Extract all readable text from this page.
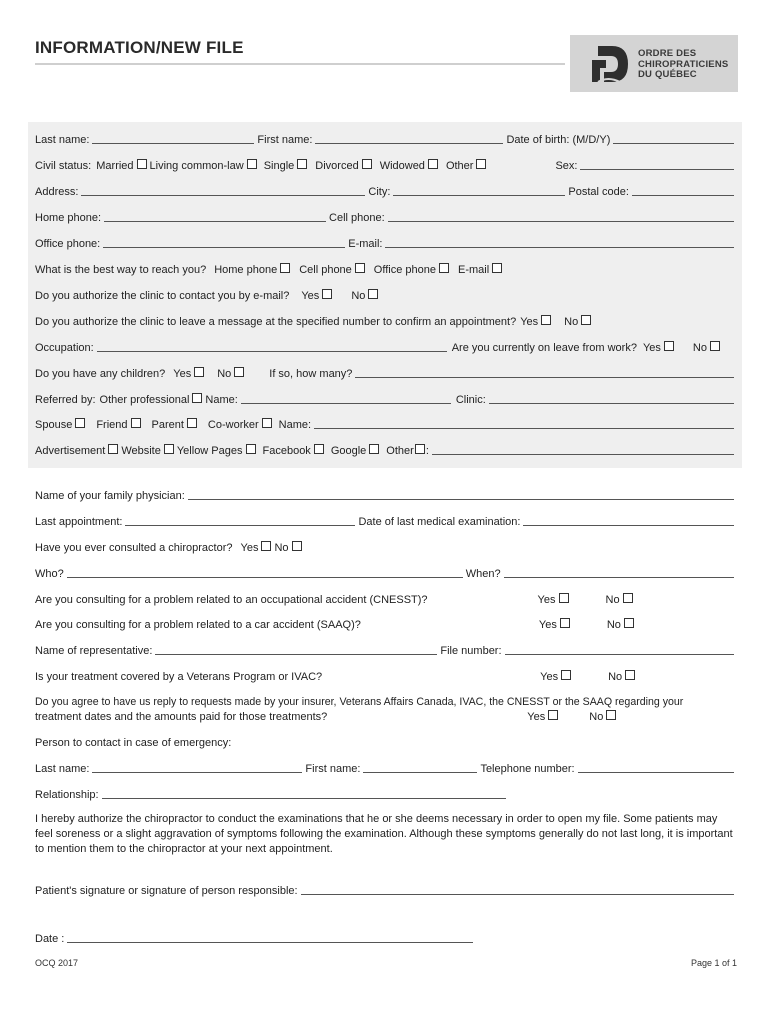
INFORMATION/NEW FILE	ORDRE DES
CHIROPRATICIENS
DU QUÉBEC
Last name:	First name:	Date of birth: (M/D/Y)
Civil status: Married Living common-law Single Divorced Widowed Other	Sex:
Address:	City:	Postal code:
Home phone:	Cell phone:
Office phone:	E-mail:
What is the best way to reach you? Home phone Cell phone Office phone E-mail
Do you authorize the clinic to contact you by e-mail? Yes	No
Do you authorize the clinic to leave a message at the specified number to confirm an appointment? Yes No
Occupation:	Are you currently on leave from work? Yes	No
Do you have any children? Yes No	If so, how many?
Referred by: Other professional Name:	Clinic:
Spouse Friend Parent Co-worker Name:
Advertisement Website Yellow Pages Facebook Google Other :
Name of your family physician:
Last appointment:	Date of last medical examination:
Have you ever consulted a chiropractor? Yes No
Who?	When?
Are you consulting for a problem related to an occupational accident (CNESST)?	Yes	No
Are you consulting for a problem related to a car accident (SAAQ)?	Yes	No
Name of representative:	File number:
Is your treatment covered by a Veterans Program or IVAC?	Yes	No
Do you agree to have us reply to requests made by your insurer, Veterans Affairs Canada, IVAC, the CNESST or the SAAQ regarding your
treatment dates and the amounts paid for those treatments?	Yes	No
Person to contact in case of emergency:
Last name:	First name:	Telephone number:
Relationship:
I hereby authorize the chiropractor to conduct the examinations that he or she deems necessary in order to open my file. Some patients may feel soreness or a slight aggravation of symptoms following the examination. Although these symptoms generally do not last long, it is important to mention them to the chiropractor at your next appointment.
Patient's signature or signature of person responsible:
Date :
OCQ 2017	Page 1 of 1
